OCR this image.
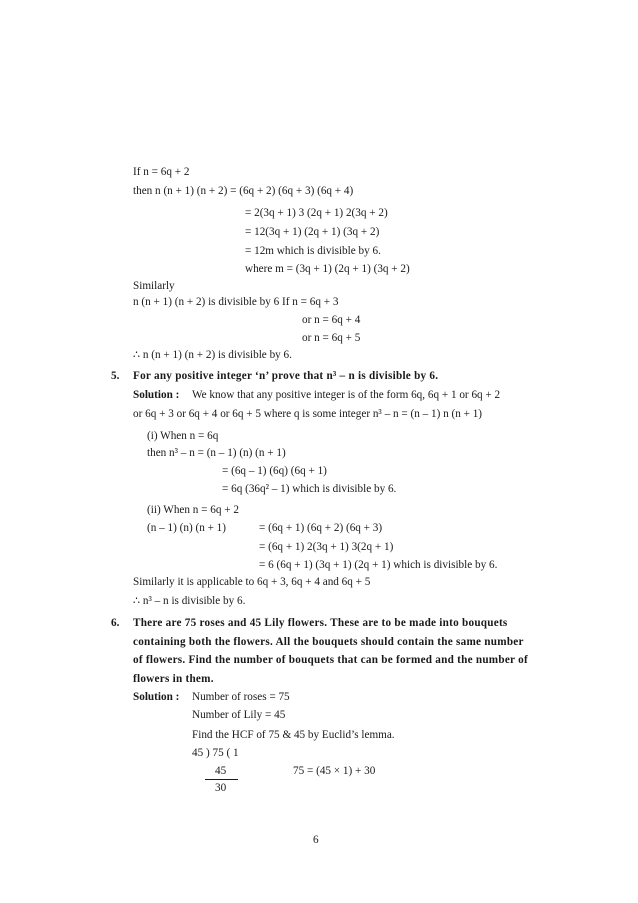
If n = 6q + 2
then n (n + 1) (n + 2) = (6q + 2) (6q + 3) (6q + 4)
= 2(3q + 1) 3 (2q + 1) 2(3q + 2)
= 12(3q + 1) (2q + 1) (3q + 2)
= 12m which is divisible by 6.
where m = (3q + 1) (2q + 1) (3q + 2)
Similarly
n (n + 1) (n + 2) is divisible by 6 If n = 6q + 3
or n = 6q + 4
or n = 6q + 5
∴ n (n + 1) (n + 2) is divisible by 6.
5. For any positive integer ‘n’ prove that n³ – n is divisible by 6.
Solution : We know that any positive integer is of the form 6q, 6q + 1 or 6q + 2
or 6q + 3 or 6q + 4 or 6q + 5 where q is some integer n³ – n = (n – 1) n (n + 1)
(i) When n = 6q
then n³ – n = (n – 1) (n) (n + 1)
= (6q – 1) (6q) (6q + 1)
= 6q (36q² – 1) which is divisible by 6.
(ii) When n = 6q + 2
(n – 1) (n) (n + 1)	= (6q + 1) (6q + 2) (6q + 3)
= (6q + 1) 2(3q + 1) 3(2q + 1)
= 6 (6q + 1) (3q + 1) (2q + 1) which is divisible by 6.
Similarly it is applicable to 6q + 3, 6q + 4 and 6q + 5
∴ n³ – n is divisible by 6.
6. There are 75 roses and 45 Lily flowers. These are to be made into bouquets
containing both the flowers. All the bouquets should contain the same number
of flowers. Find the number of bouquets that can be formed and the number of
flowers in them.
Solution : Number of roses = 75
Number of Lily = 45
Find the HCF of 75 & 45 by Euclid’s lemma.
45 ) 75 ( 1
45	75 = (45 × 1) + 30
30
6
